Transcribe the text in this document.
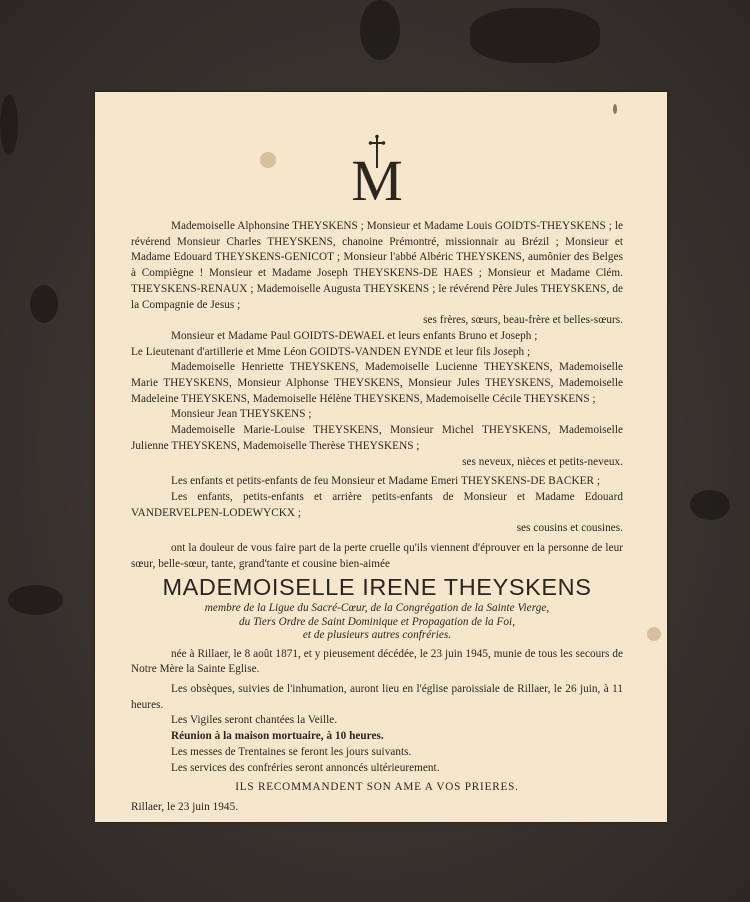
M

Mademoiselle Alphonsine THEYSKENS ; Monsieur et Madame Louis GOIDTS-THEYSKENS ; le révérend Monsieur Charles THEYSKENS, chanoine Prémontré, missionnair au Brézil ; Monsieur et Madame Edouard THEYSKENS-GENICOT ; Monsieur l'abbé Albéric THEYSKENS, aumônier des Belges à Compiègne ! Monsieur et Madame Joseph THEYSKENS-DE HAES ; Monsieur et Madame Clém. THEYSKENS-RENAUX ; Mademoiselle Augusta THEYSKENS ; le révérend Père Jules THEYSKENS, de la Compagnie de Jesus ;

ses frères, sœurs, beau-frère et belles-sœurs.

Monsieur et Madame Paul GOIDTS-DEWAEL et leurs enfants Bruno et Joseph ;

Le Lieutenant d'artillerie et Mme Léon GOIDTS-VANDEN EYNDE et leur fils Joseph ;

Mademoiselle Henriette THEYSKENS, Mademoiselle Lucienne THEYSKENS, Mademoiselle Marie THEYSKENS, Monsieur Alphonse THEYSKENS, Monsieur Jules THEYSKENS, Mademoiselle Madeleine THEYSKENS, Mademoiselle Hélène THEYSKENS, Mademoiselle Cécile THEYSKENS ;

Monsieur Jean THEYSKENS ;

Mademoiselle Marie-Louise THEYSKENS, Monsieur Michel THEYSKENS, Mademoiselle Julienne THEYSKENS, Mademoiselle Therèse THEYSKENS ;

ses neveux, nièces et petits-neveux.

Les enfants et petits-enfants de feu Monsieur et Madame Emeri THEYSKENS-DE BACKER ;

Les enfants, petits-enfants et arrière petits-enfants de Monsieur et Madame Edouard VANDERVELPEN-LODEWYCKX ;

ses cousins et cousines.

ont la douleur de vous faire part de la perte cruelle qu'ils viennent d'éprouver en la personne de leur sœur, belle-sœur, tante, grand'tante et cousine bien-aimée

MADEMOISELLE IRENE THEYSKENS

membre de la Ligue du Sacré-Cœur, de la Congrégation de la Sainte Vierge,

du Tiers Ordre de Saint Dominique et Propagation de la Foi,

et de plusieurs autres confréries.

née à Rillaer, le 8 août 1871, et y pieusement décédée, le 23 juin 1945, munie de tous les secours de Notre Mère la Sainte Eglise.

Les obsèques, suivies de l'inhumation, auront lieu en l'église paroissiale de Rillaer, le 26 juin, à 11 heures.

Les Vigiles seront chantées la Veille.

Réunion à la maison mortuaire, à 10 heures.

Les messes de Trentaines se feront les jours suivants.

Les services des confréries seront annoncés ultérieurement.

ILS RECOMMANDENT SON AME A VOS PRIERES.

Rillaer, le 23 juin 1945.
